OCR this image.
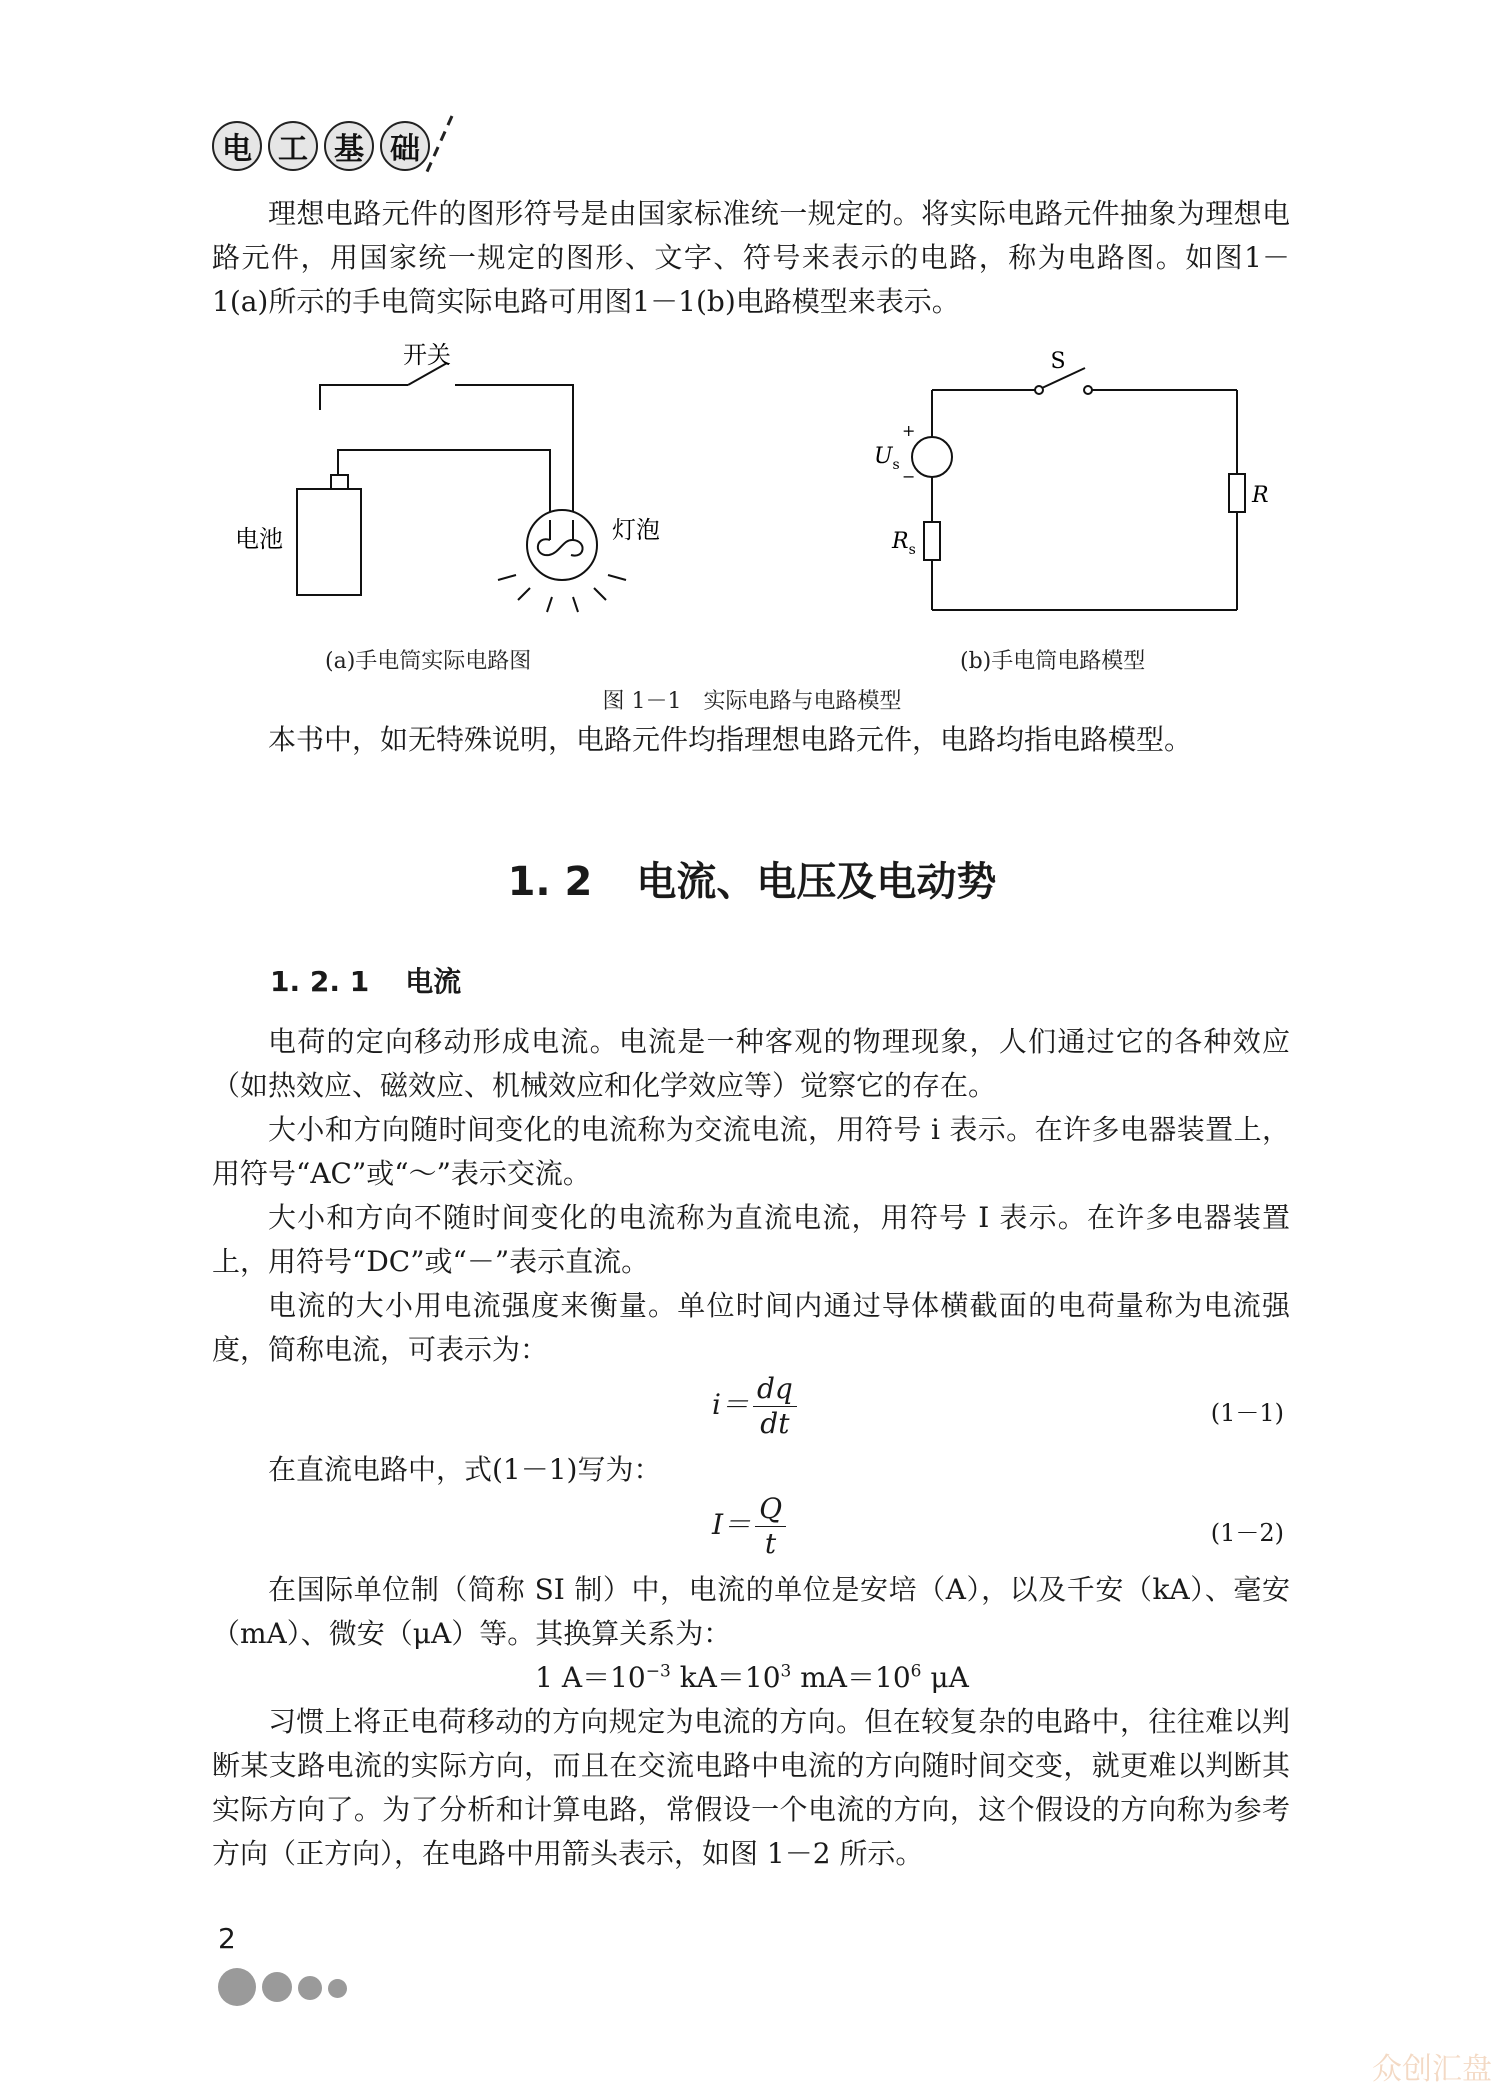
电 工 基 础

理想电路元件的图形符号是由国家标准统一规定的。将实际电路元件抽象为理想电路元件，用国家统一规定的图形、文字、符号来表示的电路，称为电路图。如图1－1(a)所示的手电筒实际电路可用图1－1(b)电路模型来表示。

开关
电池	灯泡
S
+
−
$U_s$
$R_s$
R
(a)手电筒实际电路图	(b)手电筒电路模型
图 1－1　实际电路与电路模型

本书中，如无特殊说明，电路元件均指理想电路元件，电路均指电路模型。

1. 2 电流、电压及电动势
1. 2. 1 电流

电荷的定向移动形成电流。电流是一种客观的物理现象，人们通过它的各种效应（如热效应、磁效应、机械效应和化学效应等）觉察它的存在。

大小和方向随时间变化的电流称为交流电流，用符号 i 表示。在许多电器装置上，用符号“AC”或“～”表示交流。

大小和方向不随时间变化的电流称为直流电流，用符号 I 表示。在许多电器装置上，用符号“DC”或“－”表示直流。

电流的大小用电流强度来衡量。单位时间内通过导体横截面的电荷量称为电流强度，简称电流，可表示为：

$i= \frac{dq}{dt}$	(1－1)

在直流电路中，式(1－1)写为：

$I= \frac{Q}{t}$	(1－2)

在国际单位制（简称 SI 制）中，电流的单位是安培（A），以及千安（kA）、毫安（mA）、微安（μA）等。其换算关系为：

1 $A=10^{-3}$ $kA=10^3$ $mA=10^6$ μA

习惯上将正电荷移动的方向规定为电流的方向。但在较复杂的电路中，往往难以判断某支路电流的实际方向，而且在交流电路中电流的方向随时间交变，就更难以判断其实际方向了。为了分析和计算电路，常假设一个电流的方向，这个假设的方向称为参考方向（正方向），在电路中用箭头表示，如图 1－2 所示。

2
众创汇盘
